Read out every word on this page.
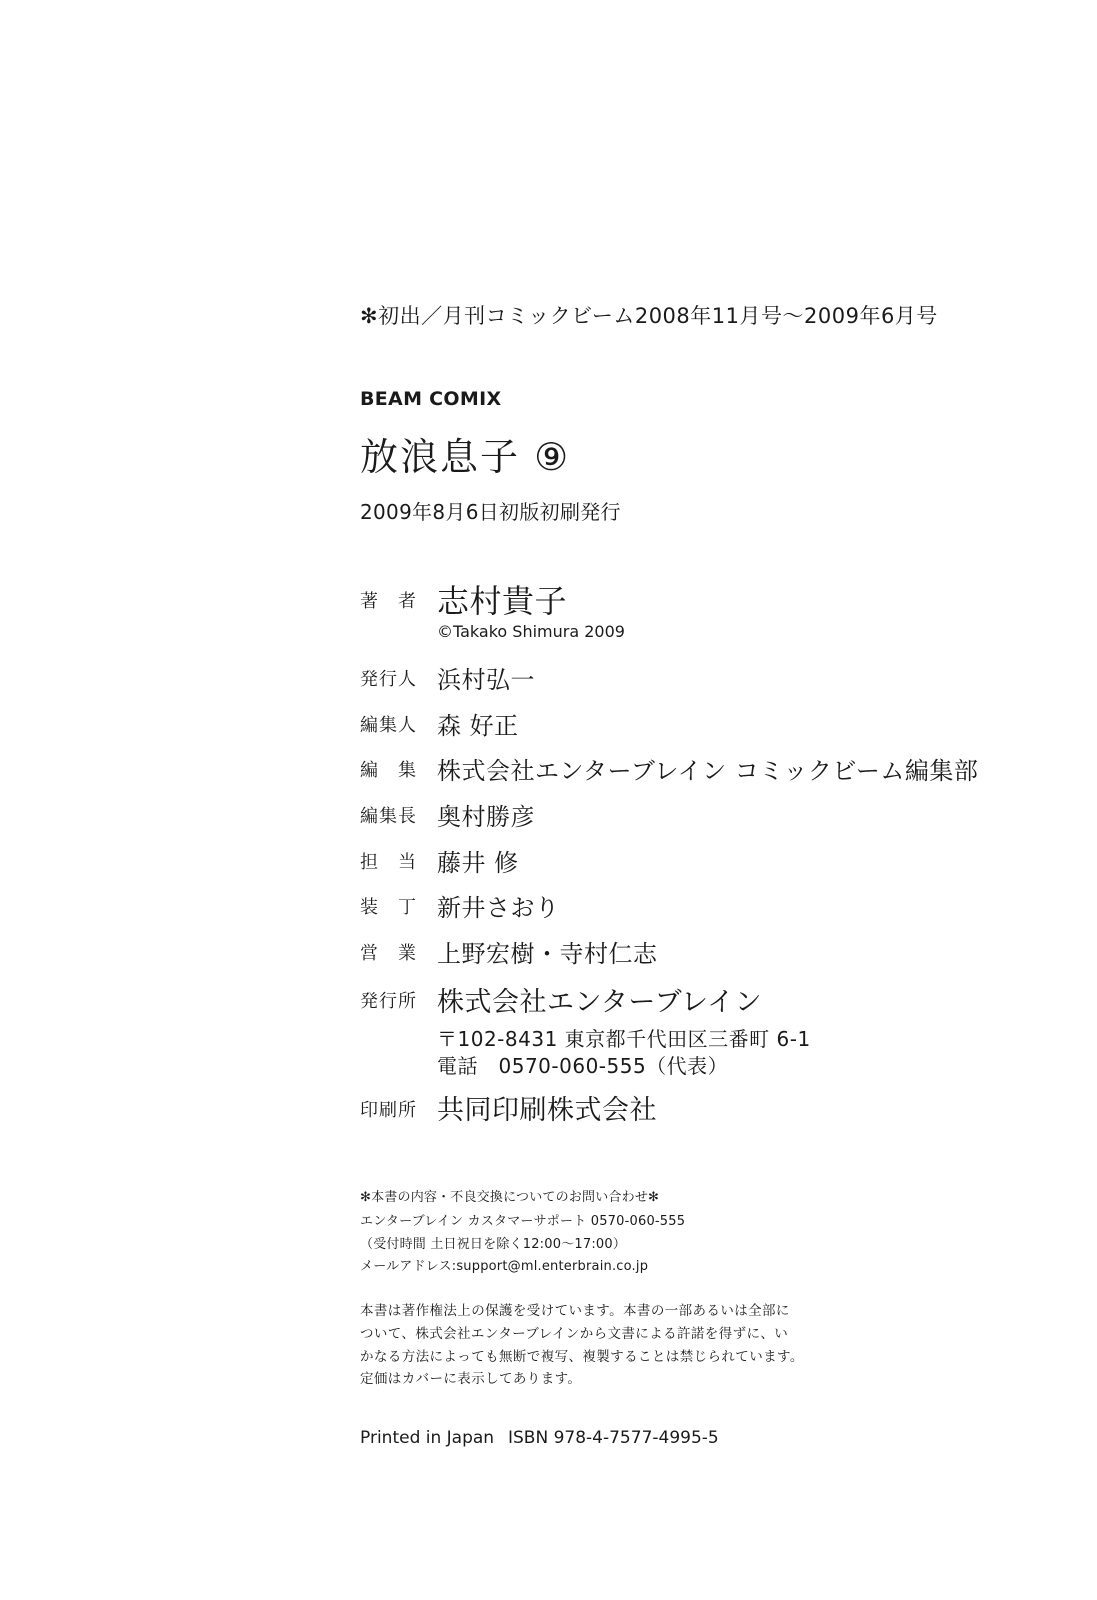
✻初出／月刊コミックビーム2008年11月号〜2009年6月号
BEAM COMIX
放浪息子 ⑨
2009年8月6日初版初刷発行
著　者 志村貴子
©Takako Shimura 2009
発行人 浜村弘一
編集人 森 好正
編　集 株式会社エンターブレイン コミックビーム編集部
編集長 奥村勝彦
担　当 藤井 修
装　丁 新井さおり
営　業 上野宏樹・寺村仁志
発行所 株式会社エンターブレイン
〒102-8431 東京都千代田区三番町 6-1
電話　0570-060-555（代表）
印刷所 共同印刷株式会社
✻本書の内容・不良交換についてのお問い合わせ✻
エンターブレイン カスタマーサポート 0570-060-555
（受付時間 土日祝日を除く12:00〜17:00）
メールアドレス:support@ml.enterbrain.co.jp
本書は著作権法上の保護を受けています。本書の一部あるいは全部に
ついて、株式会社エンターブレインから文書による許諾を得ずに、い
かなる方法によっても無断で複写、複製することは禁じられています。
定価はカバーに表示してあります。
Printed in Japan ISBN 978-4-7577-4995-5
